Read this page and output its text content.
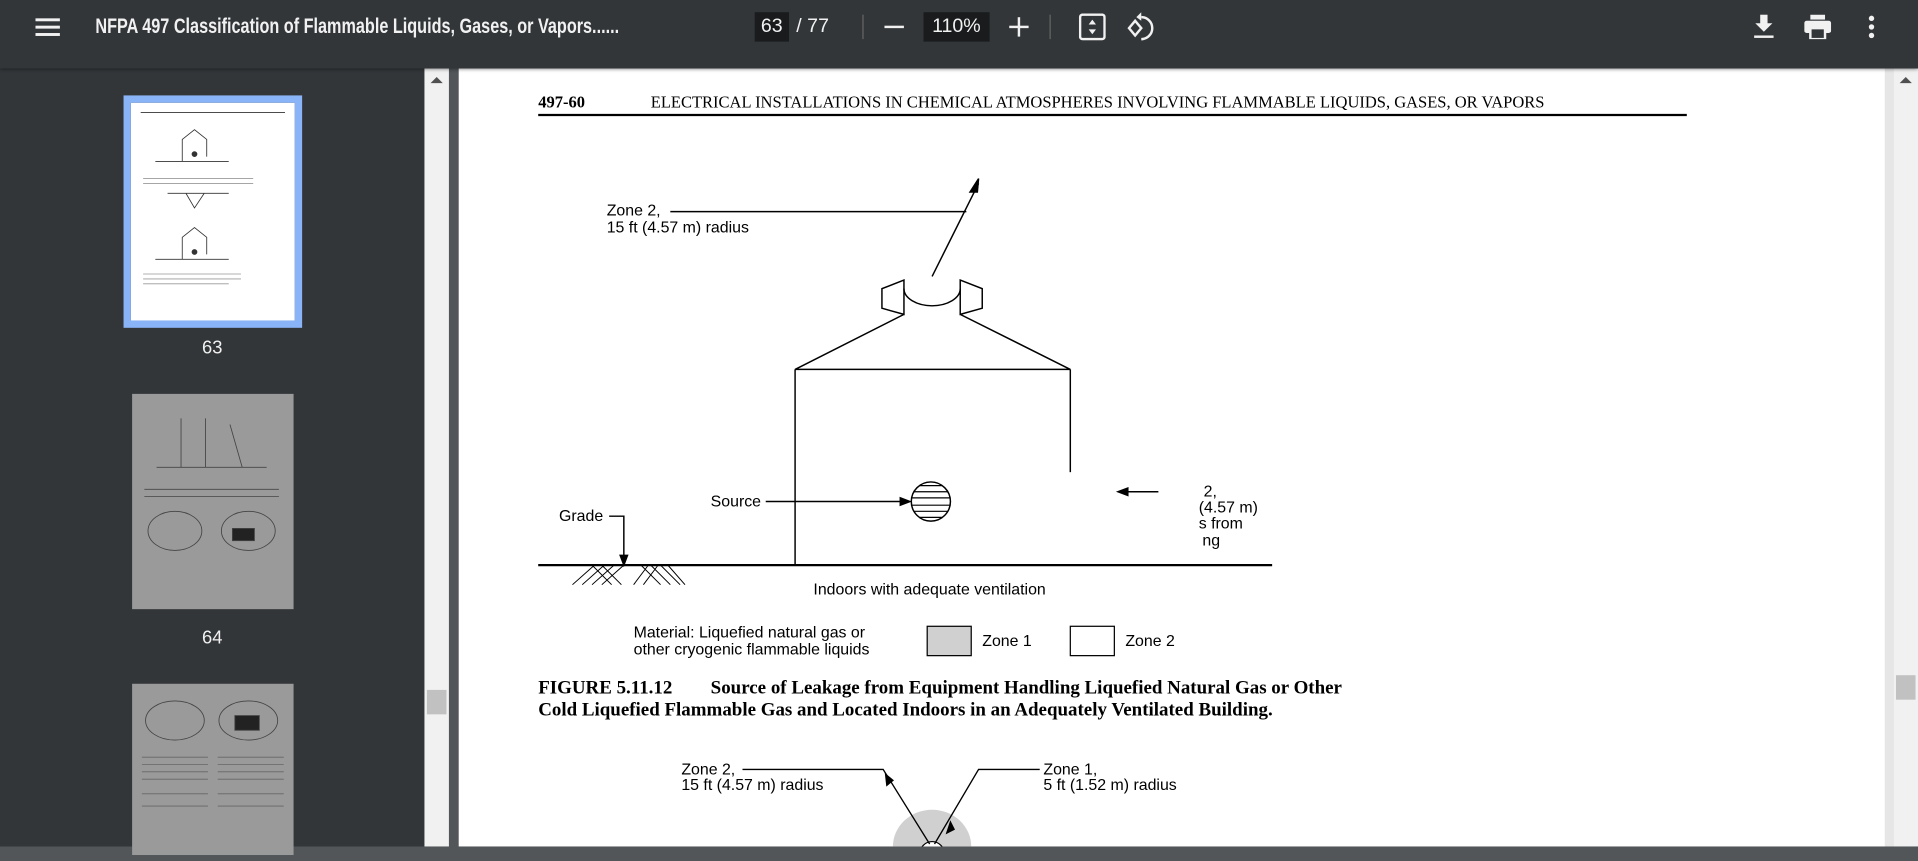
NFPA 497 Classification of Flammable Liquids, Gases, or Vapors......	63 / 77	110%
63
64
497-60	ELECTRICAL INSTALLATIONS IN CHEMICAL ATMOSPHERES INVOLVING FLAMMABLE LIQUIDS, GASES, OR VAPORS
Zone 2,
15 ft (4.57 m) radius
Source
Grade
2,
(4.57 m)
s from
ng
Indoors with adequate ventilation
Material: Liquefied natural gas or
other cryogenic flammable liquids
Zone 1	Zone 2
FIGURE 5.11.12 Source of Leakage from Equipment Handling Liquefied Natural Gas or Other
Cold Liquefied Flammable Gas and Located Indoors in an Adequately Ventilated Building.
Zone 2,
15 ft (4.57 m) radius
Zone 1,
5 ft (1.52 m) radius
